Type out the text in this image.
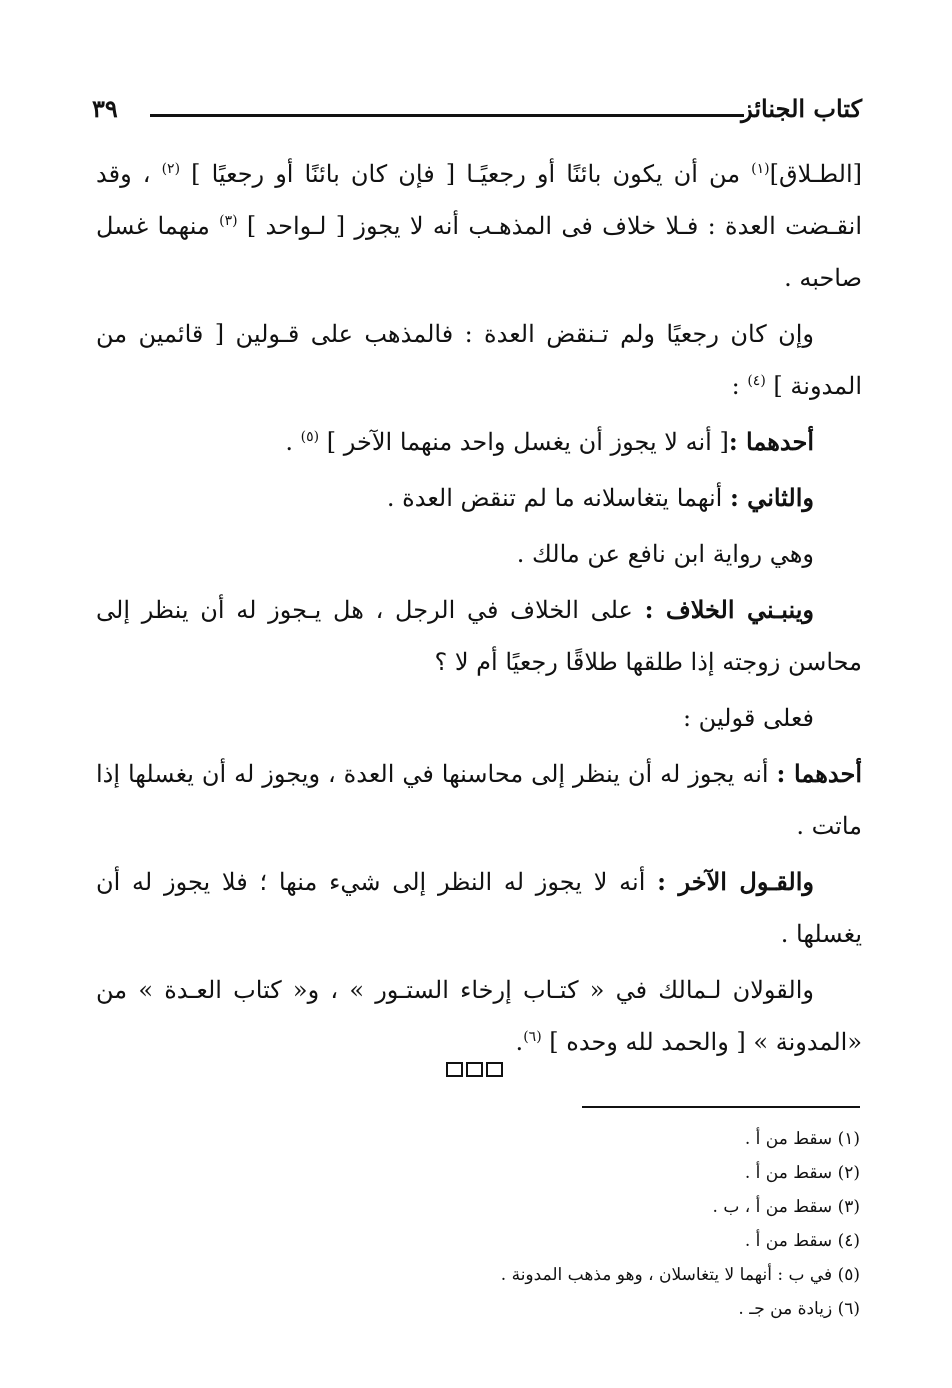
كتاب الجنائز
٣٩

[الطـلاق]$^{(١)}$ من أن يكون بائنًا أو رجعيًـا [ فإن كان بائنًا أو رجعيًا ] $^{(٢)}$ ، وقد انقـضت العدة : فـلا خلاف فى المذهـب أنه لا يجوز [ لـواحد ] $^{(٣)}$ منهما غسل صاحبه .

وإن كان رجعيًا ولم تـنقض العدة : فالمذهب على قـولين [ قائمين من المدونة ] $^{(٤)}$ :

أحدهما :[ أنه لا يجوز أن يغسل واحد منهما الآخر ] $^{(٥)}$ .

والثاني : أنهما يتغاسلانه ما لم تنقض العدة .

وهي رواية ابن نافع عن مالك .

وينبـني الخلاف : على الخلاف في الرجل ، هل يـجوز له أن ينظر إلى محاسن زوجته إذا طلقها طلاقًا رجعيًا أم لا ؟

فعلى قولين :

أحدهما : أنه يجوز له أن ينظر إلى محاسنها في العدة ، ويجوز له أن يغسلها إذا ماتت .

والقـول الآخر : أنه لا يجوز له النظر إلى شيء منها ؛ فلا يجوز له أن يغسلها .

والقولان لـمالك في « كتـاب إرخاء الستـور » ، و« كتاب العـدة » من «المدونة » [ والحمد لله وحده ] $^{(٦)}$.

(١) سقط من أ .
(٢) سقط من أ .
(٣) سقط من أ ، ب .
(٤) سقط من أ .
(٥) في ب : أنهما لا يتغاسلان ، وهو مذهب المدونة .
(٦) زيادة من جـ .
